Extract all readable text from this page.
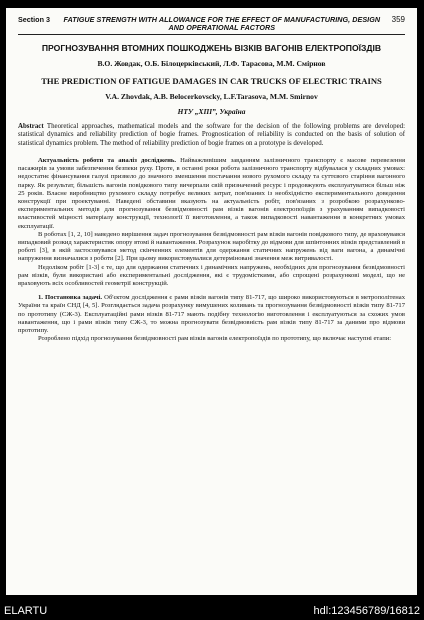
Section 3	FATIGUE STRENGTH WITH ALLOWANCE FOR THE EFFECT OF MANUFACTURING, DESIGN AND OPERATIONAL FACTORS
359
ПРОГНОЗУВАННЯ ВТОМНИХ ПОШКОДЖЕНЬ ВІЗКІВ ВАГОНІВ ЕЛЕКТРОПОЇЗДІВ
В.О. Жовдак, О.Б. Білоцерківський, Л.Ф. Тарасова, М.М. Смірнов
THE PREDICTION OF FATIGUE DAMAGES IN CAR TRUCKS OF ELECTRIC TRAINS
V.A. Zhovdak, A.B. Belocerkovscky, L.F.Tarasova, M.M. Smirnov
НТУ „ХПІ”, Україна
Abstract Theoretical approaches, mathematical models and the software for the decision of the following problems are developed: statistical dynamics and reliability prediction of bogie frames. Prognostication of reliability is conducted on the basis of solution of statistical dynamics problem. The method of reliability prediction of bogie frames on a prototype is developed.

Актуальність роботи та аналіз досліджень. Найважливішим завданням залізничного транспорту є масове перевезення пасажирів за умови забезпечення безпеки руху. Проте, в останні роки робота залізничного транспорту відбувалася у складних умовах: недостатнє фінансування галузі призвело до значного зменшення постачання нового рухомого складу та суттєвого старіння вагонного парку. Як результат, більшість вагонів повідкового типу вичерпали свій призначений ресурс і продовжують експлуатуватися більш ніж 25 років. Власне виробництво рухомого складу потребує великих затрат, пов'язаних із необхідністю експериментального доведення конструкції при проектуванні. Наведені обставини вказують на актуальність робіт, пов'язаних з розробкою розрахунково-експериментальних методів для прогнозування безвідмовності рам візків вагонів електропоїздів з урахуванням випадковості властивостей міцності матеріалу конструкції, технології її виготовлення, а також випадковості навантаження в конкретних умовах експлуатації.

В роботах [1, 2, 10] наведено вирішення задач прогнозування безвідмовності рам візків вагонів повідкового типу, де враховувався випадковий розкид характеристик опору втомі й навантаження. Розрахунок наробітку до відмови для шпінтонних візків представлений в роботі [3], в якій застосовувався метод скінченних елементів для одержання статичних напружень від ваги вагона, а динамічні напруження визначалися з роботи [2]. При цьому використовувалися детерміновані значення меж витривалості.

Недоліком робіт [1-3] є те, що для одержання статичних і динамічних напружень, необхідних для прогнозування безвідмовності рам візків, були використані або експериментальні дослідження, які є трудомісткими, або спрощені розрахункові моделі, що не враховують всіх особливостей геометрії конструкцій.

1. Постановка задачі. Об'єктом дослідження є рами візків вагонів типу 81-717, що широко використовуються в метрополітенах України та країн СНД [4, 5]. Розглядається задача розрахунку вимушених коливань та прогнозування безвідмовності візків типу 81-717 по прототипу (СЖ-3). Експлуатаційні рами візків 81-717 мають подібну технологію виготовлення і експлуатуються за схожих умов навантаження, що і рами візків типу СЖ-3, то можна прогнозувати безвідмовність рам візків типу 81-717 за даними про відмови прототипу.

Розроблено підхід прогнозування безвідмовності рам візків вагонів електропоїздів по прототипу, що включає наступні етапи:

ELARTU	hdl:123456789/16812
